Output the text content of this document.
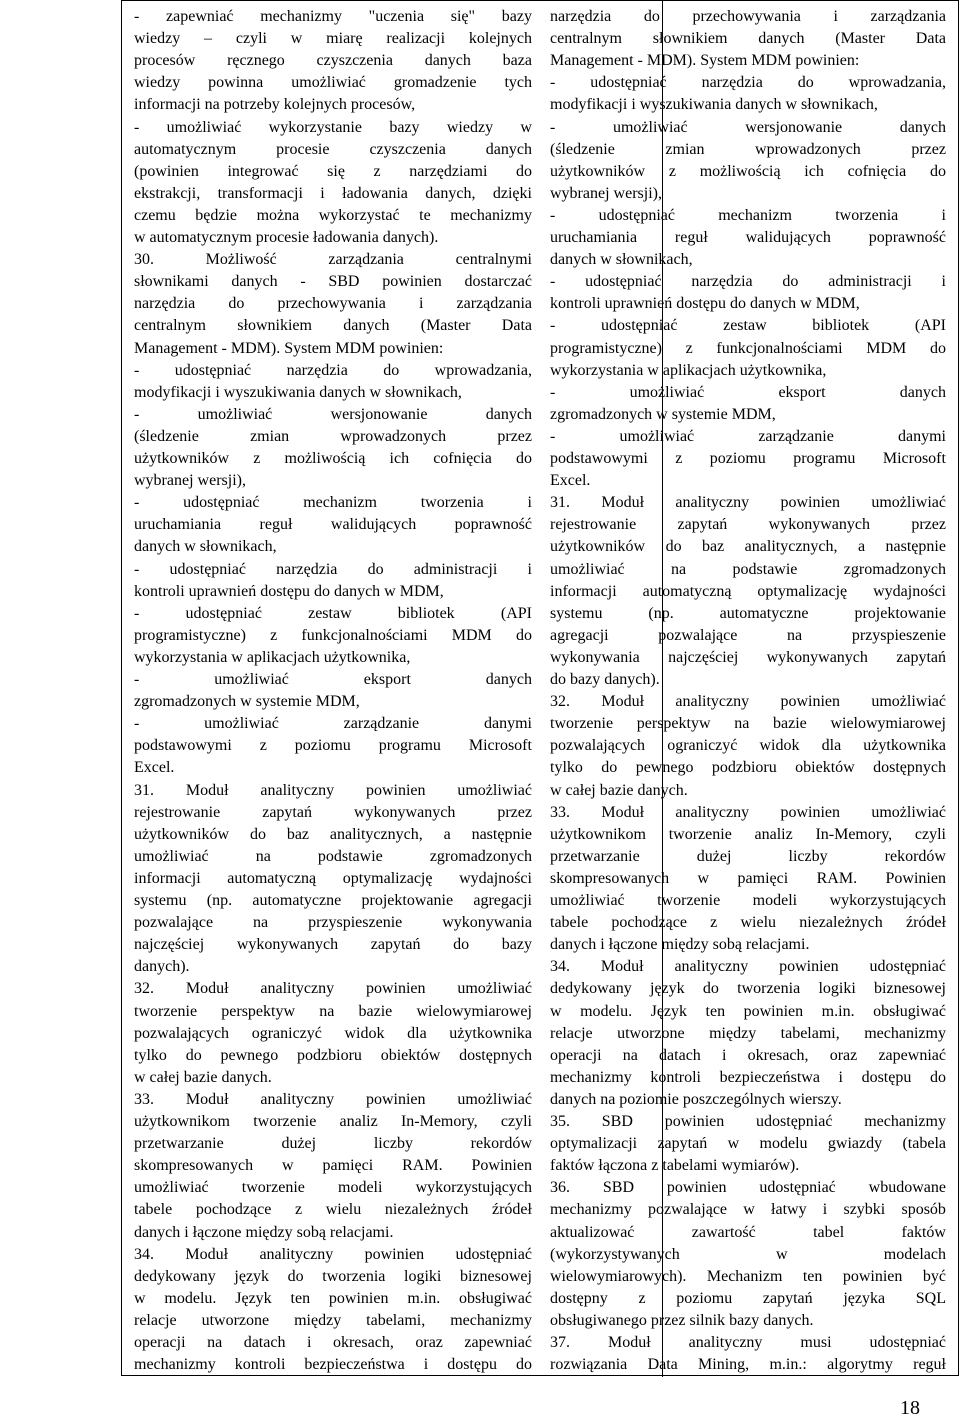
- zapewniać mechanizmy "uczenia się" bazy
wiedzy – czyli w miarę realizacji kolejnych
procesów ręcznego czyszczenia danych baza
wiedzy powinna umożliwiać gromadzenie tych
informacji na potrzeby kolejnych procesów,
- umożliwiać wykorzystanie bazy wiedzy w
automatycznym procesie czyszczenia danych
(powinien integrować się z narzędziami do
ekstrakcji, transformacji i ładowania danych, dzięki
czemu będzie można wykorzystać te mechanizmy
w automatycznym procesie ładowania danych).
30.	Możliwość	zarządzania	centralnymi
słownikami danych - SBD powinien dostarczać
narzędzia do przechowywania i zarządzania
centralnym słownikiem danych (Master Data
Management - MDM). System MDM powinien:
- udostępniać narzędzia do wprowadzania,
modyfikacji i wyszukiwania danych w słownikach,
-	umożliwiać	wersjonowanie	danych
(śledzenie	zmian	wprowadzonych	przez
użytkowników z możliwością ich cofnięcia do
wybranej wersji),
-	udostępniać	mechanizm	tworzenia	i
uruchamiania reguł walidujących poprawność
danych w słownikach,
- udostępniać narzędzia do administracji i
kontroli uprawnień dostępu do danych w MDM,
-	udostępniać	zestaw	bibliotek	(API
programistyczne) z funkcjonalnościami MDM do
wykorzystania w aplikacjach użytkownika,
-	umożliwiać	eksport	danych
zgromadzonych w systemie MDM,
-	umożliwiać	zarządzanie	danymi
podstawowymi z poziomu programu Microsoft
Excel.
31. Moduł analityczny powinien umożliwiać
rejestrowanie	zapytań	wykonywanych	przez
użytkowników do baz analitycznych, a następnie
umożliwiać	na	podstawie	zgromadzonych
informacji automatyczną optymalizację wydajności
systemu (np. automatyczne projektowanie agregacji
pozwalające na przyspieszenie wykonywania
najczęściej wykonywanych zapytań do bazy
danych).
32. Moduł analityczny powinien umożliwiać
tworzenie perspektyw na bazie wielowymiarowej
pozwalających ograniczyć widok dla użytkownika
tylko do pewnego podzbioru obiektów dostępnych
w całej bazie danych.
33. Moduł analityczny powinien umożliwiać
użytkownikom tworzenie analiz In-Memory, czyli
przetwarzanie	dużej	liczby	rekordów
skompresowanych w pamięci RAM. Powinien
umożliwiać tworzenie modeli wykorzystujących
tabele pochodzące z wielu niezależnych źródeł
danych i łączone między sobą relacjami.
34. Moduł analityczny powinien udostępniać
dedykowany język do tworzenia logiki biznesowej
w modelu. Język ten powinien m.in. obsługiwać
relacje utworzone między tabelami, mechanizmy
operacji na datach i okresach, oraz zapewniać
mechanizmy kontroli bezpieczeństwa i dostępu do
narzędzia do przechowywania i zarządzania
centralnym słownikiem danych (Master Data
Management - MDM). System MDM powinien:
- udostępniać narzędzia do wprowadzania,
modyfikacji i wyszukiwania danych w słownikach,
-	umożliwiać	wersjonowanie	danych
(śledzenie	zmian	wprowadzonych	przez
użytkowników z możliwością ich cofnięcia do
wybranej wersji),
-	udostępniać	mechanizm	tworzenia	i
uruchamiania reguł walidujących poprawność
danych w słownikach,
- udostępniać narzędzia do administracji i
kontroli uprawnień dostępu do danych w MDM,
-	udostępniać	zestaw	bibliotek	(API
programistyczne) z funkcjonalnościami MDM do
wykorzystania w aplikacjach użytkownika,
-	umożliwiać	eksport	danych
zgromadzonych w systemie MDM,
-	umożliwiać	zarządzanie	danymi
podstawowymi z poziomu programu Microsoft
Excel.
31. Moduł analityczny powinien umożliwiać
rejestrowanie	zapytań	wykonywanych	przez
użytkowników do baz analitycznych, a następnie
umożliwiać	na	podstawie	zgromadzonych
informacji automatyczną optymalizację wydajności
systemu	(np.	automatyczne	projektowanie
agregacji	pozwalające	na	przyspieszenie
wykonywania najczęściej wykonywanych zapytań
do bazy danych).
32. Moduł analityczny powinien umożliwiać
tworzenie perspektyw na bazie wielowymiarowej
pozwalających ograniczyć widok dla użytkownika
tylko do pewnego podzbioru obiektów dostępnych
w całej bazie danych.
33. Moduł analityczny powinien umożliwiać
użytkownikom tworzenie analiz In-Memory, czyli
przetwarzanie	dużej	liczby	rekordów
skompresowanych w pamięci RAM. Powinien
umożliwiać tworzenie modeli wykorzystujących
tabele pochodzące z wielu niezależnych źródeł
danych i łączone między sobą relacjami.
34. Moduł analityczny powinien udostępniać
dedykowany język do tworzenia logiki biznesowej
w modelu. Język ten powinien m.in. obsługiwać
relacje utworzone między tabelami, mechanizmy
operacji na datach i okresach, oraz zapewniać
mechanizmy kontroli bezpieczeństwa i dostępu do
danych na poziomie poszczególnych wierszy.
35. SBD powinien udostępniać mechanizmy
optymalizacji zapytań w modelu gwiazdy (tabela
faktów łączona z tabelami wymiarów).
36. SBD powinien udostępniać wbudowane
mechanizmy pozwalające w łatwy i szybki sposób
aktualizować	zawartość	tabel	faktów
(wykorzystywanych	w	modelach
wielowymiarowych). Mechanizm ten powinien być
dostępny z poziomu zapytań języka SQL
obsługiwanego przez silnik bazy danych.
37. Moduł analityczny musi udostępniać
rozwiązania Data Mining, m.in.: algorytmy reguł
18
